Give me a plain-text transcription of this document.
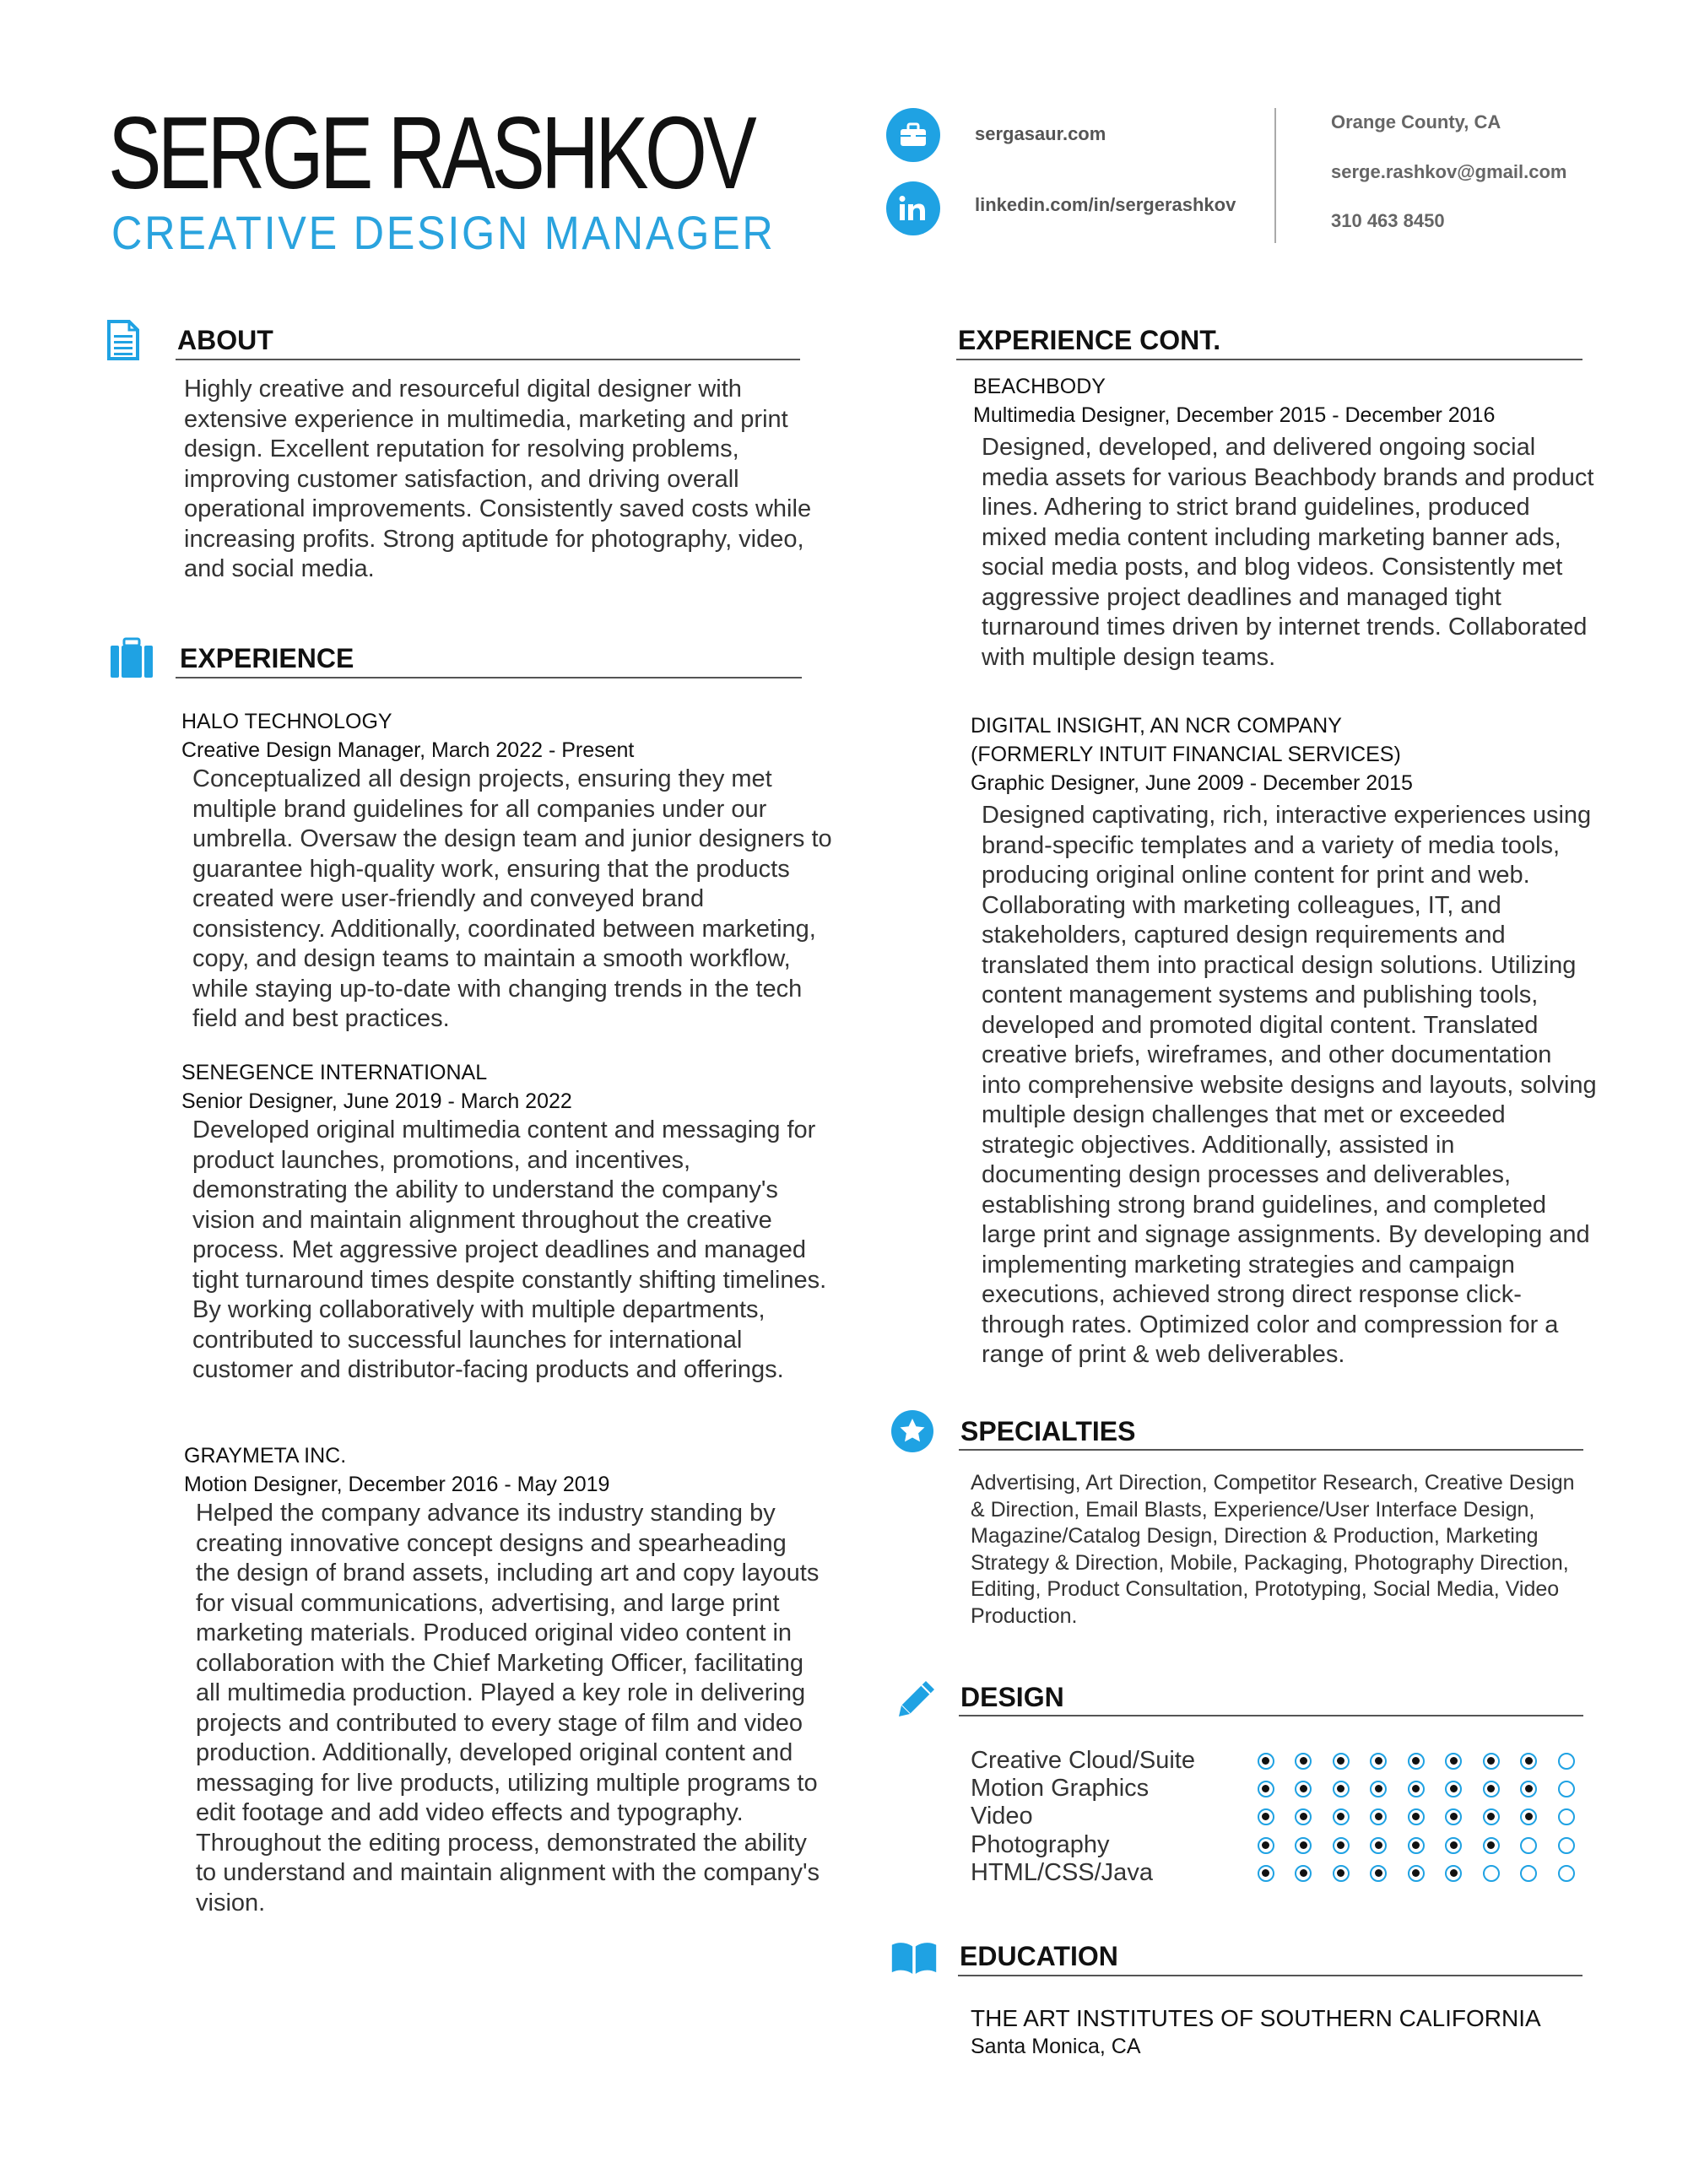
SERGE RASHKOV
CREATIVE DESIGN MANAGER
sergasaur.com
linkedin.com/in/sergerashkov
Orange County, CA
serge.rashkov@gmail.com
310 463 8450
ABOUT
Highly creative and resourceful digital designer with extensive experience in multimedia, marketing and print design. Excellent reputation for resolving problems, improving customer satisfaction, and driving overall operational improvements. Consistently saved costs while increasing profits. Strong aptitude for photography, video, and social media.
EXPERIENCE
HALO TECHNOLOGY
Creative Design Manager, March 2022 - Present
Conceptualized all design projects, ensuring they met multiple brand guidelines for all companies under our umbrella. Oversaw the design team and junior designers to guarantee high-quality work, ensuring that the products created were user-friendly and conveyed brand consistency. Additionally, coordinated between marketing, copy, and design teams to maintain a smooth workflow, while staying up-to-date with changing trends in the tech field and best practices.
SENEGENCE INTERNATIONAL
Senior Designer, June 2019 - March 2022
Developed original multimedia content and messaging for product launches, promotions, and incentives, demonstrating the ability to understand the company's vision and maintain alignment throughout the creative process. Met aggressive project deadlines and managed tight turnaround times despite constantly shifting timelines. By working collaboratively with multiple departments, contributed to successful launches for international customer and distributor-facing products and offerings.
GRAYMETA INC.
Motion Designer, December 2016 - May 2019
Helped the company advance its industry standing by creating innovative concept designs and spearheading the design of brand assets, including art and copy layouts for visual communications, advertising, and large print marketing materials. Produced original video content in collaboration with the Chief Marketing Officer, facilitating all multimedia production. Played a key role in delivering projects and contributed to every stage of film and video production. Additionally, developed original content and messaging for live products, utilizing multiple programs to edit footage and add video effects and typography. Throughout the editing process, demonstrated the ability to understand and maintain alignment with the company's vision.
EXPERIENCE CONT.
BEACHBODY
Multimedia Designer, December 2015 - December 2016
Designed, developed, and delivered ongoing social media assets for various Beachbody brands and product lines. Adhering to strict brand guidelines, produced mixed media content including marketing banner ads, social media posts, and blog videos. Consistently met aggressive project deadlines and managed tight turnaround times driven by internet trends. Collaborated with multiple design teams.
DIGITAL INSIGHT, AN NCR COMPANY
(FORMERLY INTUIT FINANCIAL SERVICES)
Graphic Designer, June 2009 - December 2015
Designed captivating, rich, interactive experiences using brand-specific templates and a variety of media tools, producing original online content for print and web. Collaborating with marketing colleagues, IT, and stakeholders, captured design requirements and translated them into practical design solutions. Utilizing content management systems and publishing tools, developed and promoted digital content. Translated creative briefs, wireframes, and other documentation into comprehensive website designs and layouts, solving multiple design challenges that met or exceeded strategic objectives. Additionally, assisted in documenting design processes and deliverables, establishing strong brand guidelines, and completed large print and signage assignments. By developing and implementing marketing strategies and campaign executions, achieved strong direct response click-through rates. Optimized color and compression for a range of print & web deliverables.
SPECIALTIES
Advertising, Art Direction, Competitor Research, Creative Design & Direction, Email Blasts, Experience/User Interface Design, Magazine/Catalog Design, Direction & Production, Marketing Strategy & Direction, Mobile, Packaging, Photography Direction, Editing, Product Consultation, Prototyping, Social Media, Video Production.
DESIGN
Creative Cloud/Suite
Motion Graphics
Video
Photography
HTML/CSS/Java
EDUCATION
THE ART INSTITUTES OF SOUTHERN CALIFORNIA
Santa Monica, CA
